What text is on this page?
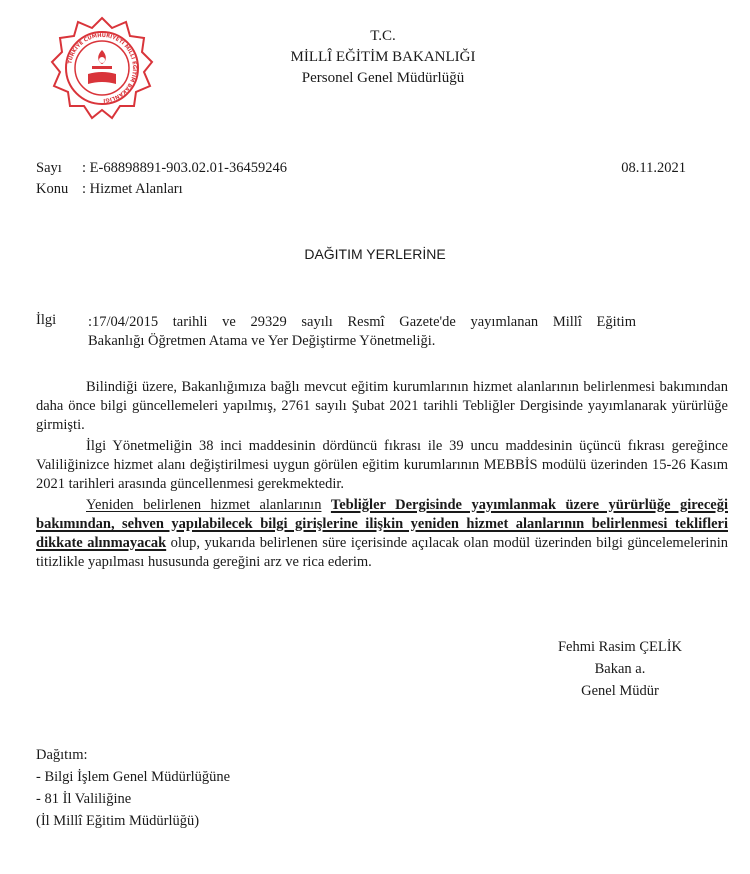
TÜRKİYE CUMHURİYETİ MİLLÎ EĞİTİM BAKANLIĞI
T.C.
MİLLÎ EĞİTİM BAKANLIĞI
Personel Genel Müdürlüğü
Sayı : E-68898891-903.02.01-36459246
Konu : Hizmet Alanları
08.11.2021
DAĞITIM YERLERİNE
İlgi :17/04/2015 tarihli ve 29329 sayılı Resmî Gazete'de yayımlanan Millî Eğitim
Bakanlığı Öğretmen Atama ve Yer Değiştirme Yönetmeliği.

Bilindiği üzere, Bakanlığımıza bağlı mevcut eğitim kurumlarının hizmet alanlarının belirlenmesi bakımından daha önce bilgi güncellemeleri yapılmış, 2761 sayılı Şubat 2021 tarihli Tebliğler Dergisinde yayımlanarak yürürlüğe girmişti.

İlgi Yönetmeliğin 38 inci maddesinin dördüncü fıkrası ile 39 uncu maddesinin üçüncü fıkrası gereğince Valiliğinizce hizmet alanı değiştirilmesi uygun görülen eğitim kurumlarının MEBBİS modülü üzerinden 15-26 Kasım 2021 tarihleri arasında güncellenmesi gerekmektedir.

Yeniden belirlenen hizmet alanlarının Tebliğler Dergisinde yayımlanmak üzere yürürlüğe gireceği bakımından, sehven yapılabilecek bilgi girişlerine ilişkin yeniden hizmet alanlarının belirlenmesi teklifleri dikkate alınmayacak olup, yukarıda belirlenen süre içerisinde açılacak olan modül üzerinden bilgi güncelemelerinin titizlikle yapılması hususunda gereğini arz ve rica ederim.

Fehmi Rasim ÇELİK
Bakan a.
Genel Müdür
Dağıtım:
- Bilgi İşlem Genel Müdürlüğüne
- 81 İl Valiliğine
(İl Millî Eğitim Müdürlüğü)
